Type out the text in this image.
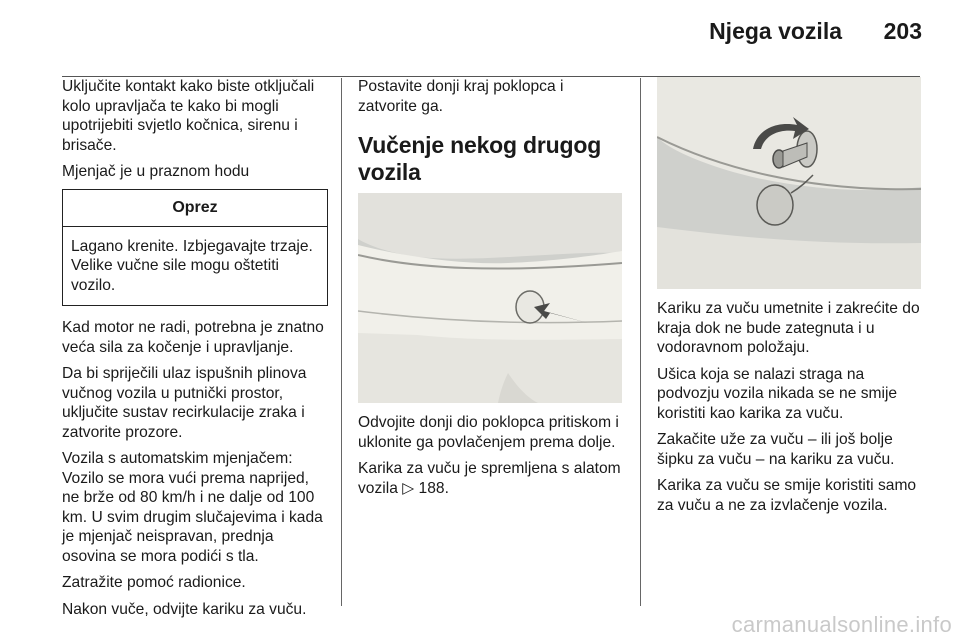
Njega vozila 203

Uključite kontakt kako biste otključali kolo upravljača te kako bi mogli upotrijebiti svjetlo kočnica, sirenu i brisače.

Mjenjač je u praznom hodu

Oprez
Lagano krenite. Izbjegavajte trzaje. Velike vučne sile mogu oštetiti vozilo.

Kad motor ne radi, potrebna je znatno veća sila za kočenje i upravljanje.

Da bi spriječili ulaz ispušnih plinova vučnog vozila u putnički prostor, uključite sustav recirkulacije zraka i zatvorite prozore.

Vozila s automatskim mjenjačem: Vozilo se mora vući prema naprijed, ne brže od 80 km/h i ne dalje od 100 km. U svim drugim slučajevima i kada je mjenjač neispravan, prednja osovina se mora podići s tla.

Zatražite pomoć radionice.

Nakon vuče, odvijte kariku za vuču.

Postavite donji kraj poklopca i zatvorite ga.

Vučenje nekog drugog vozila

Odvojite donji dio poklopca pritiskom i uklonite ga povlačenjem prema dolje.

Karika za vuču je spremljena s alatom vozila ▷ 188.

Kariku za vuču umetnite i zakrećite do kraja dok ne bude zategnuta i u vodoravnom položaju.

Ušica koja se nalazi straga na podvozju vozila nikada se ne smije koristiti kao karika za vuču.

Zakačite uže za vuču – ili još bolje šipku za vuču – na kariku za vuču.

Karika za vuču se smije koristiti samo za vuču a ne za izvlačenje vozila.

carmanualsonline.info
